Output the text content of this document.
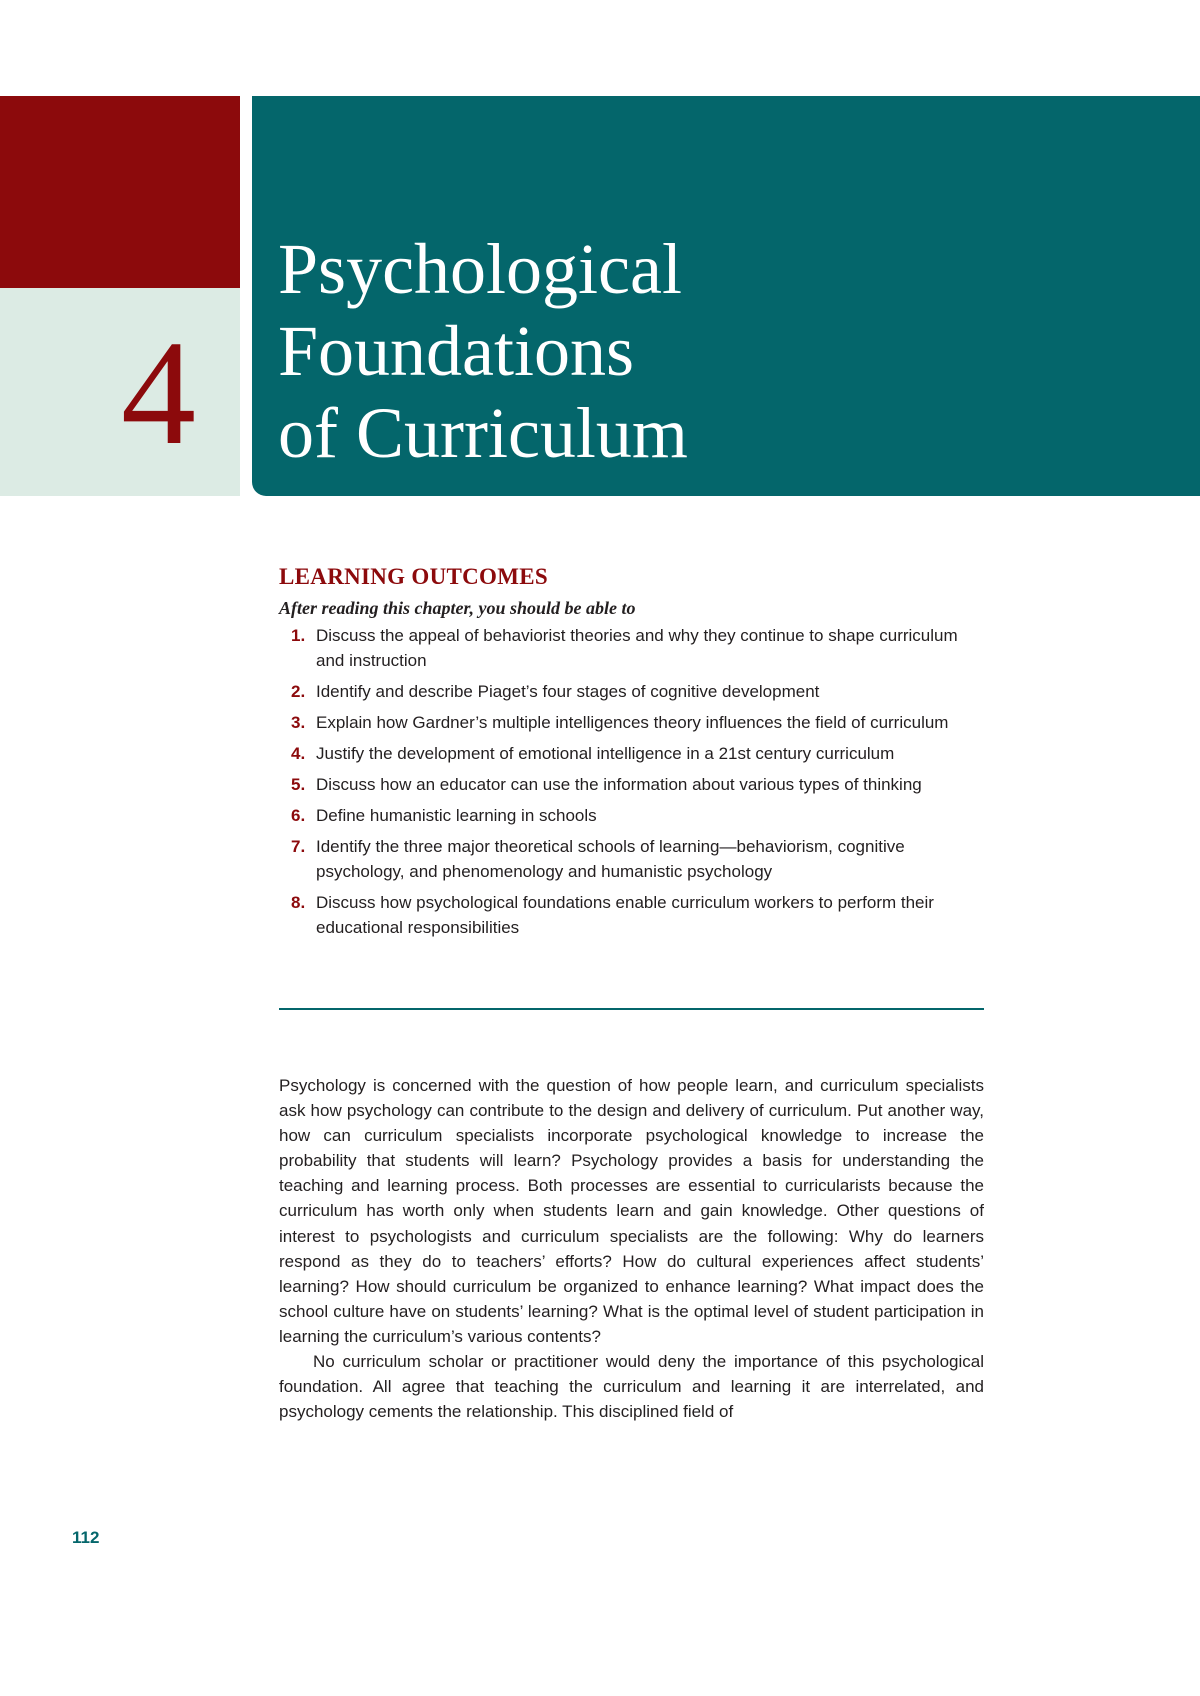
4
Psychological
Foundations
of Curriculum
LEARNING OUTCOMES

After reading this chapter, you should be able to

1. Discuss the appeal of behaviorist theories and why they continue to shape curriculum and instruction
2. Identify and describe Piaget’s four stages of cognitive development
3. Explain how Gardner’s multiple intelligences theory influences the field of curriculum
4. Justify the development of emotional intelligence in a 21st century curriculum
5. Discuss how an educator can use the information about various types of thinking
6. Define humanistic learning in schools
7. Identify the three major theoretical schools of learning—behaviorism, cognitive psychology, and phenomenology and humanistic psychology
8. Discuss how psychological foundations enable curriculum workers to perform their educational responsibilities

Psychology is concerned with the question of how people learn, and curriculum specialists ask how psychology can contribute to the design and delivery of curriculum. Put another way, how can curriculum specialists incorporate psychological knowledge to increase the probability that students will learn? Psychology provides a basis for understanding the teaching and learning process. Both processes are essential to curricularists because the curriculum has worth only when students learn and gain knowledge. Other questions of interest to psychologists and curriculum specialists are the following: Why do learners respond as they do to teachers’ efforts? How do cultural experiences affect students’ learning? How should curriculum be organized to enhance learning? What impact does the school culture have on students’ learning? What is the optimal level of student participation in learning the curriculum’s various contents?

No curriculum scholar or practitioner would deny the importance of this psychological foundation. All agree that teaching the curriculum and learning it are interrelated, and psychology cements the relationship. This disciplined field of

112
